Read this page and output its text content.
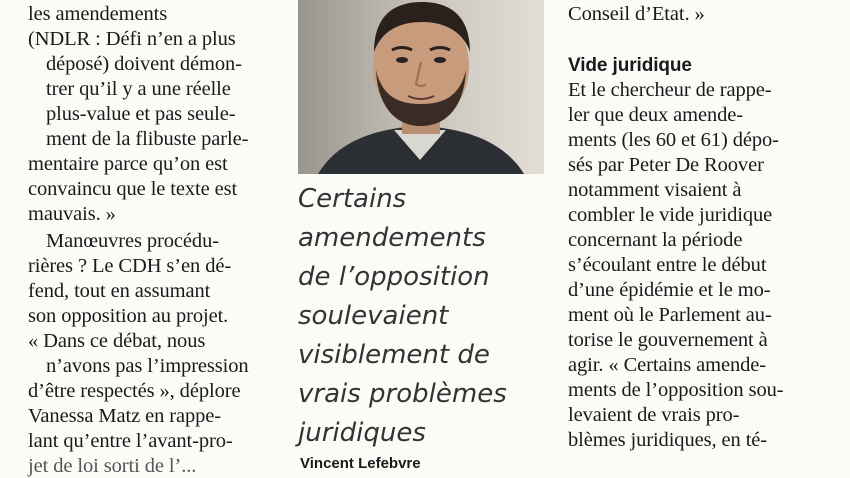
les amendements
(NDLR : Défi n’en a plus
déposé) doivent démon-
trer qu’il y a une réelle
plus-value et pas seule-
ment de la flibuste parle-
mentaire parce qu’on est
convaincu que le texte est
mauvais. »
Manœuvres procédu-
rières ? Le CDH s’en dé-
fend, tout en assumant
son opposition au projet.
« Dans ce débat, nous
n’avons pas l’impression
d’être respectés », déplore
Vanessa Matz en rappe-
lant qu’entre l’avant-pro-
jet de loi sorti de l’...
Certains
amendements
de l’opposition
soulevaient
visiblement de
vrais problèmes
juridiques
Vincent Lefebvre
Conseil d’Etat. »
Vide juridique
Et le chercheur de rappe-
ler que deux amende-
ments (les 60 et 61) dépo-
sés par Peter De Roover
notamment visaient à
combler le vide juridique
concernant la période
s’écoulant entre le début
d’une épidémie et le mo-
ment où le Parlement au-
torise le gouvernement à
agir. « Certains amende-
ments de l’opposition sou-
levaient de vrais pro-
blèmes juridiques, en té-
